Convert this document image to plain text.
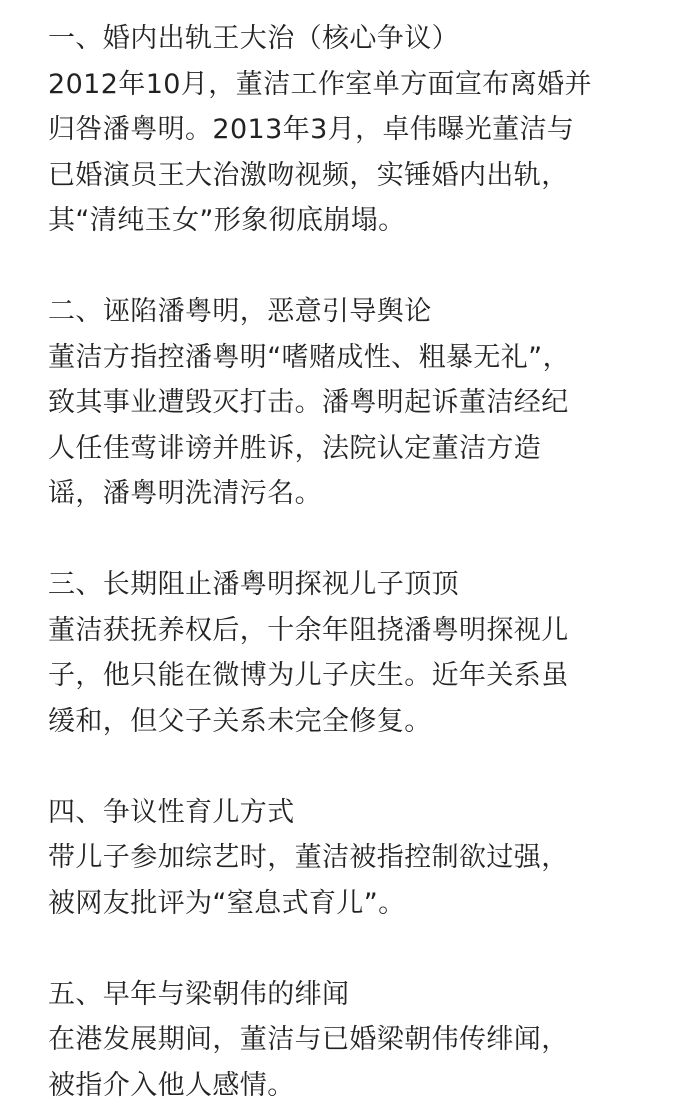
一、婚内出轨王大治（核心争议）
2012年10月，董洁工作室单方面宣布离婚并
归咎潘粤明。2013年3月，卓伟曝光董洁与
已婚演员王大治激吻视频，实锤婚内出轨，
其“清纯玉女”形象彻底崩塌。
二、诬陷潘粤明，恶意引导舆论
董洁方指控潘粤明“嗜赌成性、粗暴无礼”，
致其事业遭毁灭打击。潘粤明起诉董洁经纪
人任佳莺诽谤并胜诉，法院认定董洁方造
谣，潘粤明洗清污名。
三、长期阻止潘粤明探视儿子顶顶
董洁获抚养权后，十余年阻挠潘粤明探视儿
子，他只能在微博为儿子庆生。近年关系虽
缓和，但父子关系未完全修复。
四、争议性育儿方式
带儿子参加综艺时，董洁被指控制欲过强，
被网友批评为“窒息式育儿”。
五、早年与梁朝伟的绯闻
在港发展期间，董洁与已婚梁朝伟传绯闻，
被指介入他人感情。
